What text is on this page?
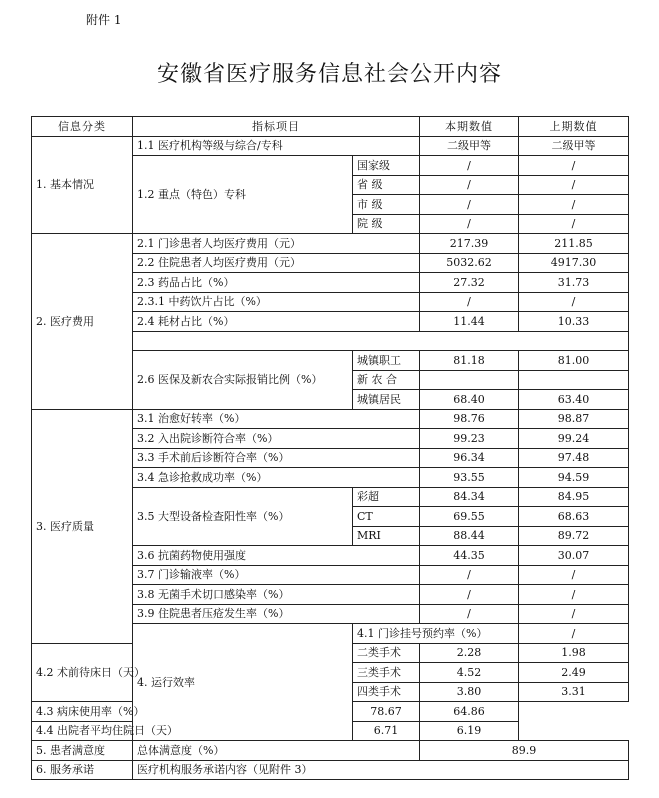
附件 1
安徽省医疗服务信息社会公开内容
信息分类	指标项目		本期数值	上期数值	
1. 基本情况	1.1 医疗机构等级与综合/专科		二级甲等	二级甲等	
	1.2 重点（特色）专科	国家级	/	/	
		省 级	/	/	
		市 级	/	/	
		院 级	/	/	
2. 医疗费用	2.1 门诊患者人均医疗费用（元）		217.39	211.85	
	2.2 住院患者人均医疗费用（元）		5032.62	4917.30	
	2.3 药品占比（%）		27.32	31.73	
	2.3.1 中药饮片占比（%）		/	/	
	2.4 耗材占比（%）		11.44	10.33	

	2.6 医保及新农合实际报销比例（%）	城镇职工	81.18	81.00	
		新 农 合			
		城镇居民	68.40	63.40	
3. 医疗质量	3.1 治愈好转率（%）		98.76	98.87	
	3.2 入出院诊断符合率（%）		99.23	99.24	
	3.3 手术前后诊断符合率（%）		96.34	97.48	
	3.4 急诊抢救成功率（%）		93.55	94.59	
	3.5 大型设备检查阳性率（%）	彩超	84.34	84.95	
		CT	69.55	68.63	
		MRI	88.44	89.72	
	3.6 抗菌药物使用强度		44.35	30.07	
	3.7 门诊输液率（%）		/	/	
	3.8 无菌手术切口感染率（%）		/	/	
	3.9 住院患者压疮发生率（%）		/	/	
	4. 运行效率	4.1 门诊挂号预约率（%）		/	
4.2 术前待床日（天）		二类手术	2.28	1.98	
		三类手术	4.52	2.49	
		四类手术	3.80	3.31	
4.3 病床使用率（%）		78.67	64.86		
4.4 出院者平均住院日（天）		6.71	6.19		
5. 患者满意度	总体满意度（%）		89.9		
6. 服务承诺	医疗机构服务承诺内容（见附件 3）				
